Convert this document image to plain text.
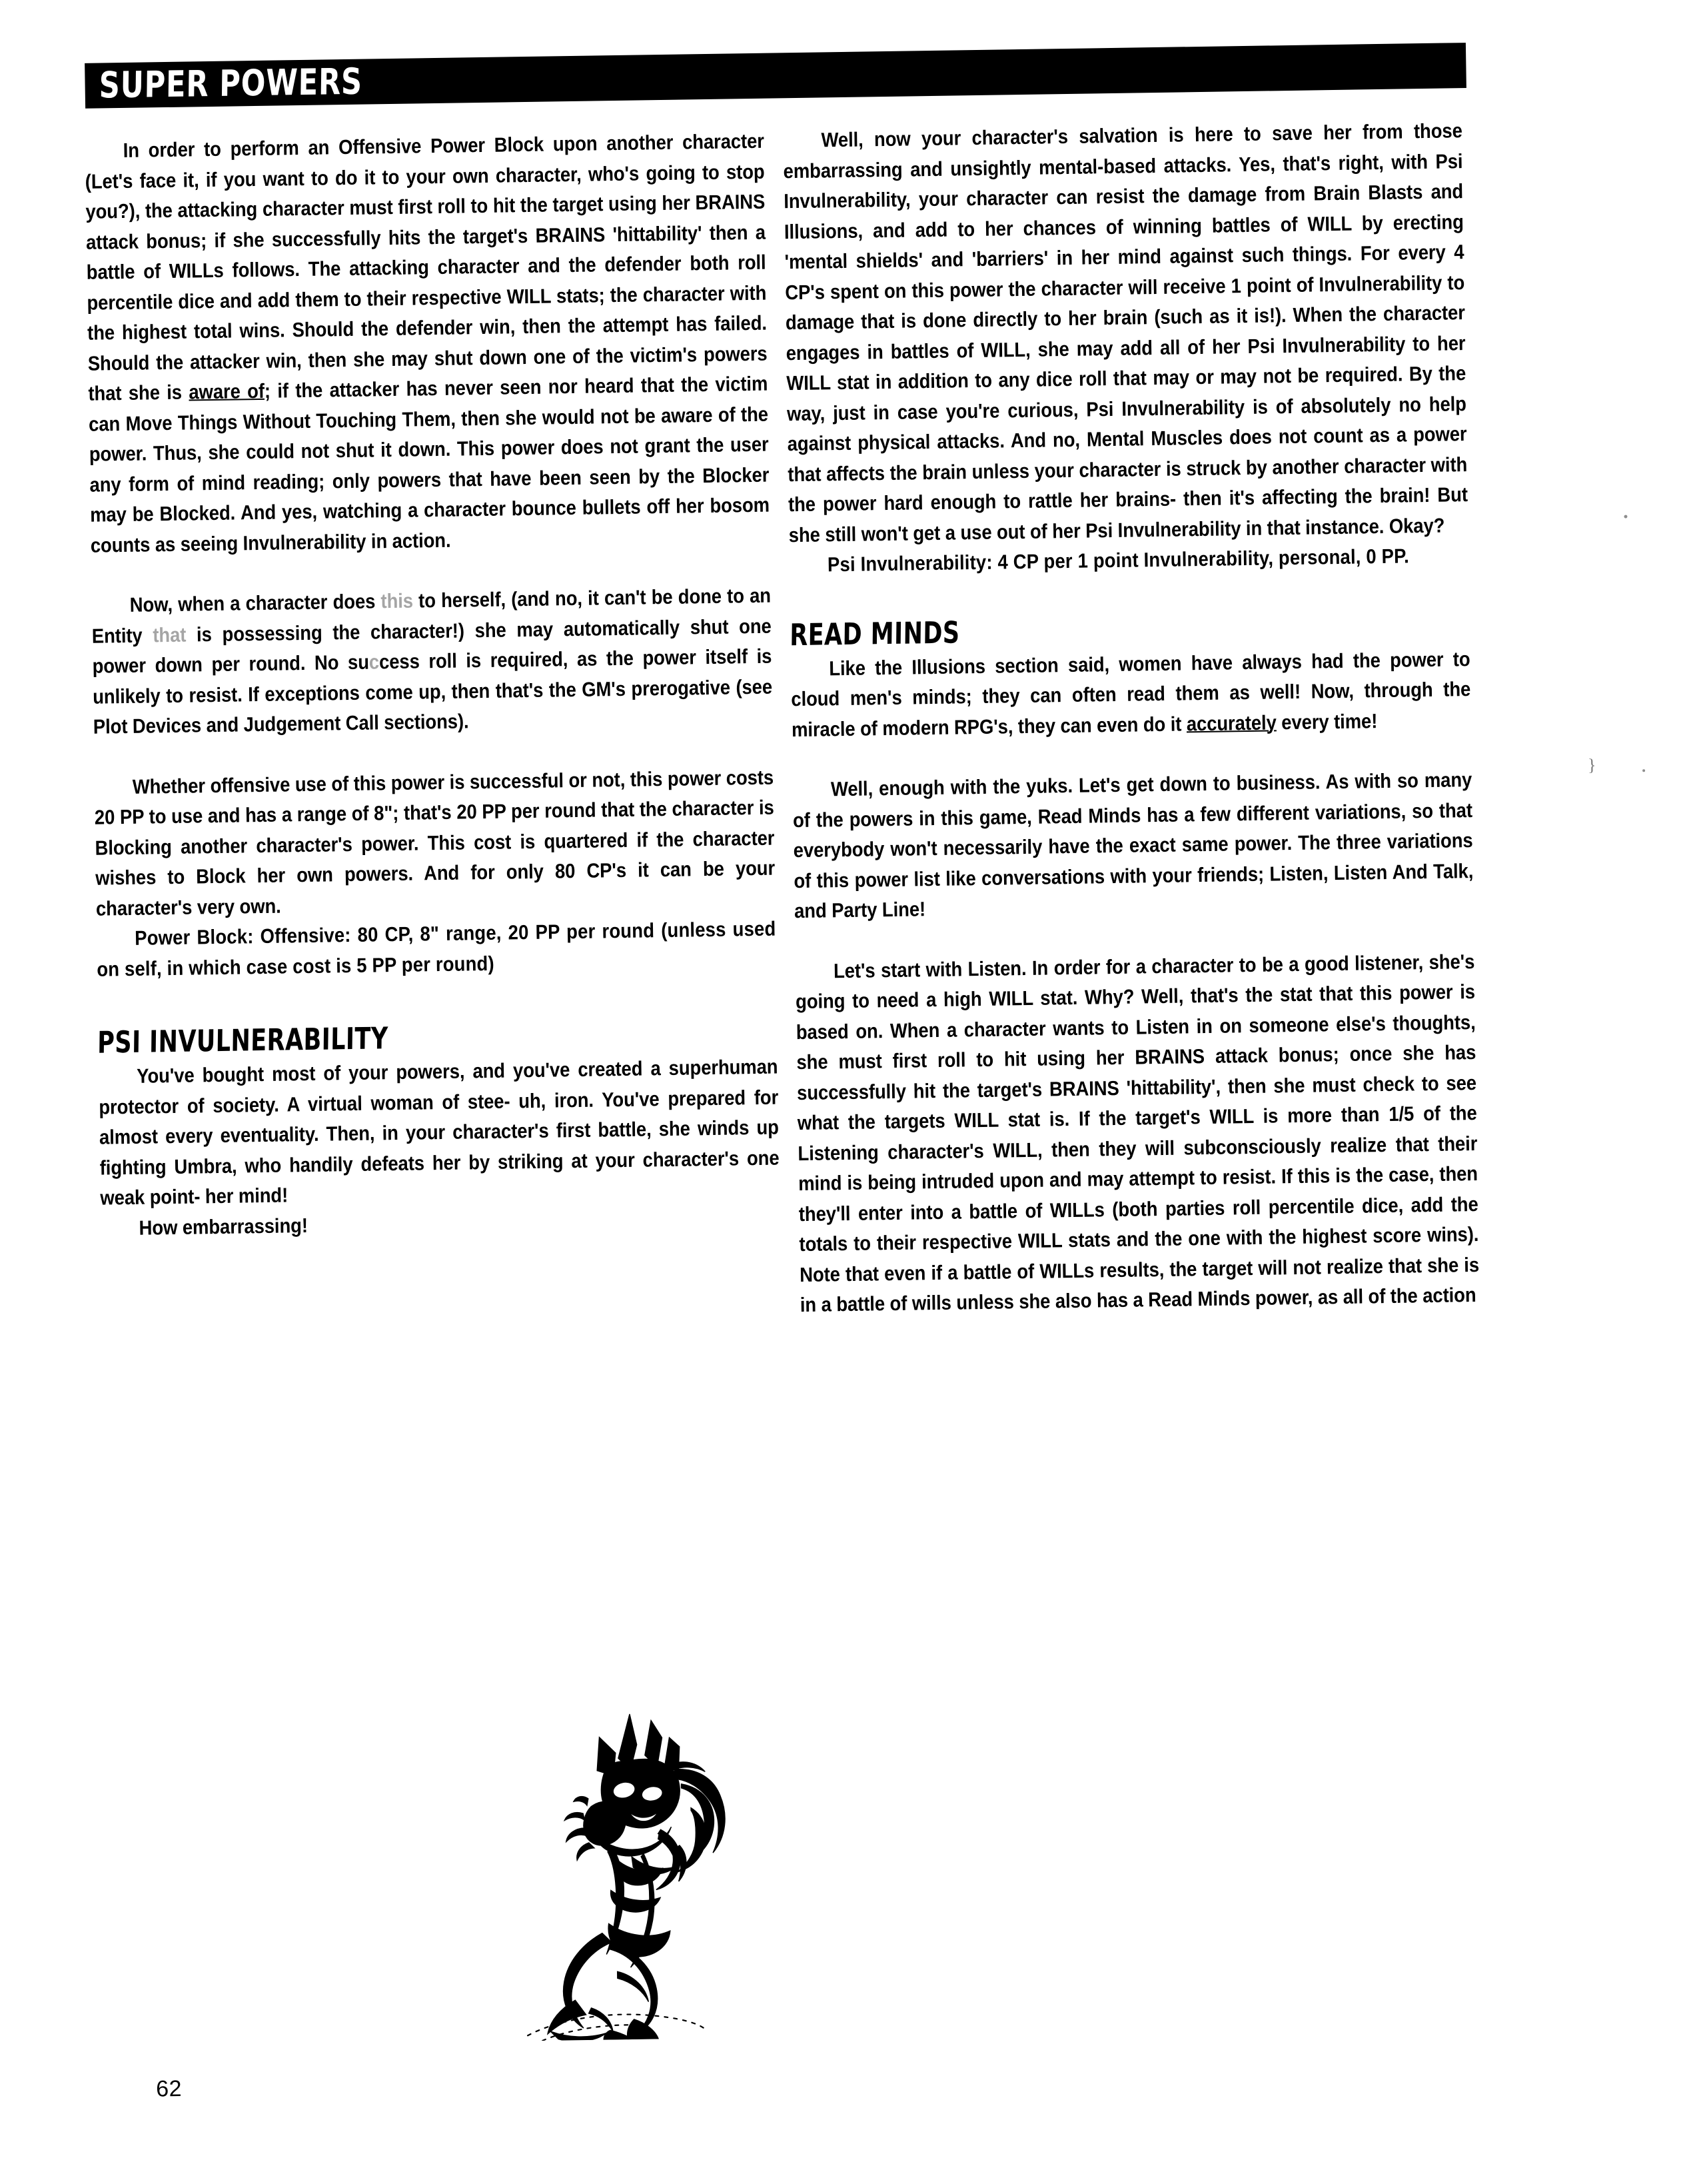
SUPER POWERS

In order to perform an Offensive Power Block upon another character (Let's face it, if you want to do it to your own character, who's going to stop you?), the attacking character must first roll to hit the target using her BRAINS attack bonus; if she successfully hits the target's BRAINS 'hittability' then a battle of WILLs follows. The attacking character and the defender both roll percentile dice and add them to their respective WILL stats; the character with the highest total wins. Should the defender win, then the attempt has failed. Should the attacker win, then she may shut down one of the victim's powers that she is aware of; if the attacker has never seen nor heard that the victim can Move Things Without Touching Them, then she would not be aware of the power. Thus, she could not shut it down. This power does not grant the user any form of mind reading; only powers that have been seen by the Blocker may be Blocked. And yes, watching a character bounce bullets off her bosom counts as seeing Invulnerability in action.

Now, when a character does this to herself, (and no, it can't be done to an Entity that is possessing the character!) she may automatically shut one power down per round. No success roll is required, as the power itself is unlikely to resist. If exceptions come up, then that's the GM's prerogative (see Plot Devices and Judgement Call sections).

Whether offensive use of this power is successful or not, this power costs 20 PP to use and has a range of 8"; that's 20 PP per round that the character is Blocking another character's power. This cost is quartered if the character wishes to Block her own powers. And for only 80 CP's it can be your character's very own.

Power Block: Offensive: 80 CP, 8" range, 20 PP per round (unless used on self, in which case cost is 5 PP per round)

PSI INVULNERABILITY

You've bought most of your powers, and you've created a superhuman protector of society. A virtual woman of stee- uh, iron. You've prepared for almost every eventuality. Then, in your character's first battle, she winds up fighting Umbra, who handily defeats her by striking at your character's one weak point- her mind!

How embarrassing!

Well, now your character's salvation is here to save her from those embarrassing and unsightly mental-based attacks. Yes, that's right, with Psi Invulnerability, your character can resist the damage from Brain Blasts and Illusions, and add to her chances of winning battles of WILL by erecting 'mental shields' and 'barriers' in her mind against such things. For every 4 CP's spent on this power the character will receive 1 point of Invulnerability to damage that is done directly to her brain (such as it is!). When the character engages in battles of WILL, she may add all of her Psi Invulnerability to her WILL stat in addition to any dice roll that may or may not be required. By the way, just in case you're curious, Psi Invulnerability is of absolutely no help against physical attacks. And no, Mental Muscles does not count as a power that affects the brain unless your character is struck by another character with the power hard enough to rattle her brains- then it's affecting the brain! But she still won't get a use out of her Psi Invulnerability in that instance. Okay?

Psi Invulnerability: 4 CP per 1 point Invulnerability, personal, 0 PP.

READ MINDS

Like the Illusions section said, women have always had the power to cloud men's minds; they can often read them as well! Now, through the miracle of modern RPG's, they can even do it accurately every time!

Well, enough with the yuks. Let's get down to business. As with so many of the powers in this game, Read Minds has a few different variations, so that everybody won't necessarily have the exact same power. The three variations of this power list like conversations with your friends; Listen, Listen And Talk, and Party Line!

Let's start with Listen. In order for a character to be a good listener, she's going to need a high WILL stat. Why? Well, that's the stat that this power is based on. When a character wants to Listen in on someone else's thoughts, she must first roll to hit using her BRAINS attack bonus; once she has successfully hit the target's BRAINS 'hittability', then she must check to see what the targets WILL stat is. If the target's WILL is more than 1/5 of the Listening character's WILL, then they will subconsciously realize that their mind is being intruded upon and may attempt to resist. If this is the case, then they'll enter into a battle of WILLs (both parties roll percentile dice, add the totals to their respective WILL stats and the one with the highest score wins). Note that even if a battle of WILLs results, the target will not realize that she is in a battle of wills unless she also has a Read Minds power, as all of the action

62
}
